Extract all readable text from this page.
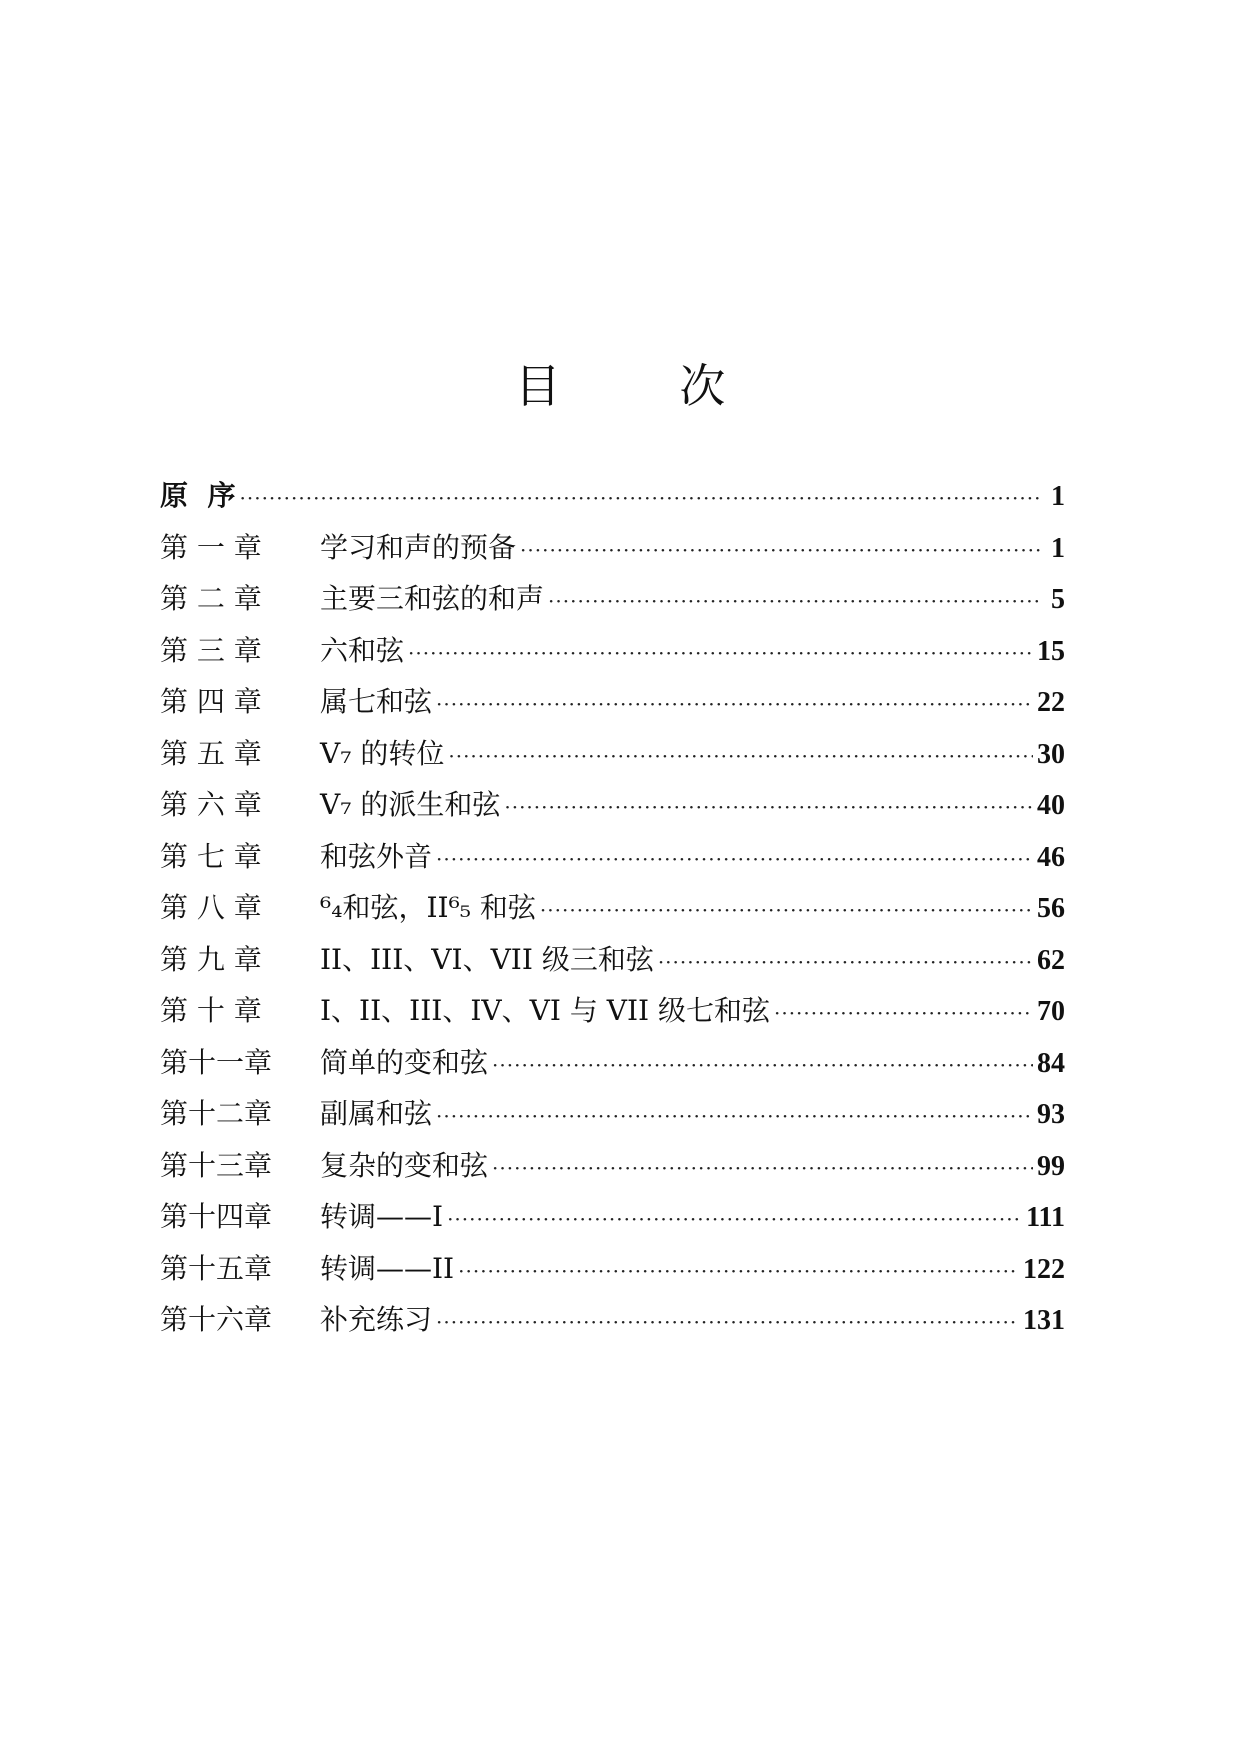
目	次
原  序 ·····	1
第 一 章	学习和声的预备 ·····	1
第 二 章	主要三和弦的和声 ·····	5
第 三 章	六和弦 ·····	15
第 四 章	属七和弦 ·····	22
第 五 章	V₇ 的转位 ·····	30
第 六 章	V₇ 的派生和弦 ·····	40
第 七 章	和弦外音 ·····	46
第 八 章	⁶₄和弦，II⁶₅ 和弦 ·····	56
第 九 章	II、III、VI、VII 级三和弦 ·····	62
第 十 章	I、II、III、IV、VI 与 VII 级七和弦 ·····	70
第十一章	简单的变和弦 ·····	84
第十二章	副属和弦 ·····	93
第十三章	复杂的变和弦 ·····	99
第十四章	转调——I ·····	111
第十五章	转调——II ·····	122
第十六章	补充练习 ·····	131
